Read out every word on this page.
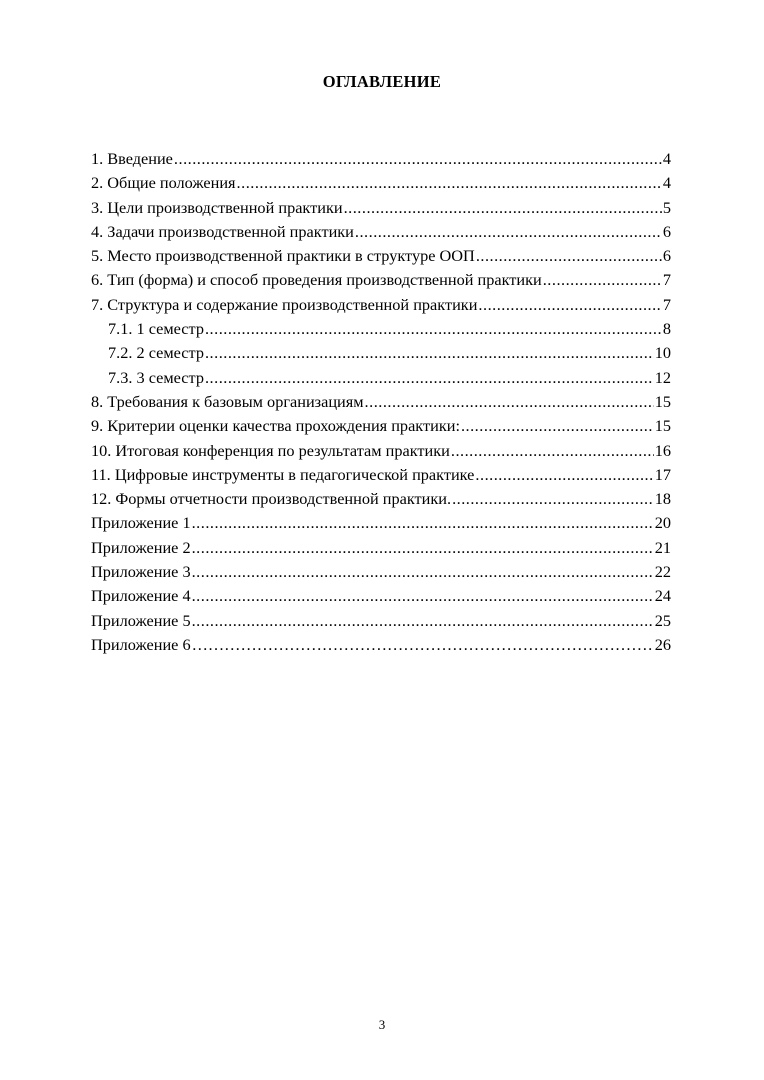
ОГЛАВЛЕНИЕ
1. Введение .....	4
2. Общие положения .....	4
3. Цели производственной практики .....	5
4. Задачи производственной практики .....	6
5. Место производственной практики в структуре ООП .....	6
6. Тип (форма) и способ проведения производственной практики .....	7
7. Структура и содержание производственной практики .....	7
7.1. 1 семестр .....	8
7.2. 2 семестр .....	10
7.3. 3 семестр .....	12
8. Требования к базовым организациям .....	15
9. Критерии оценки качества прохождения практики: .....	15
10. Итоговая конференция по результатам практики .....	16
11. Цифровые инструменты в педагогической практике .....	17
12. Формы отчетности производственной практики. .....	18
Приложение 1 .....	20
Приложение 2 .....	21
Приложение 3 .....	22
Приложение 4 .....	24
Приложение 5 .....	25
Приложение 6 …………………………………………………………………………………………………………………………………………………………………………………	26
3
